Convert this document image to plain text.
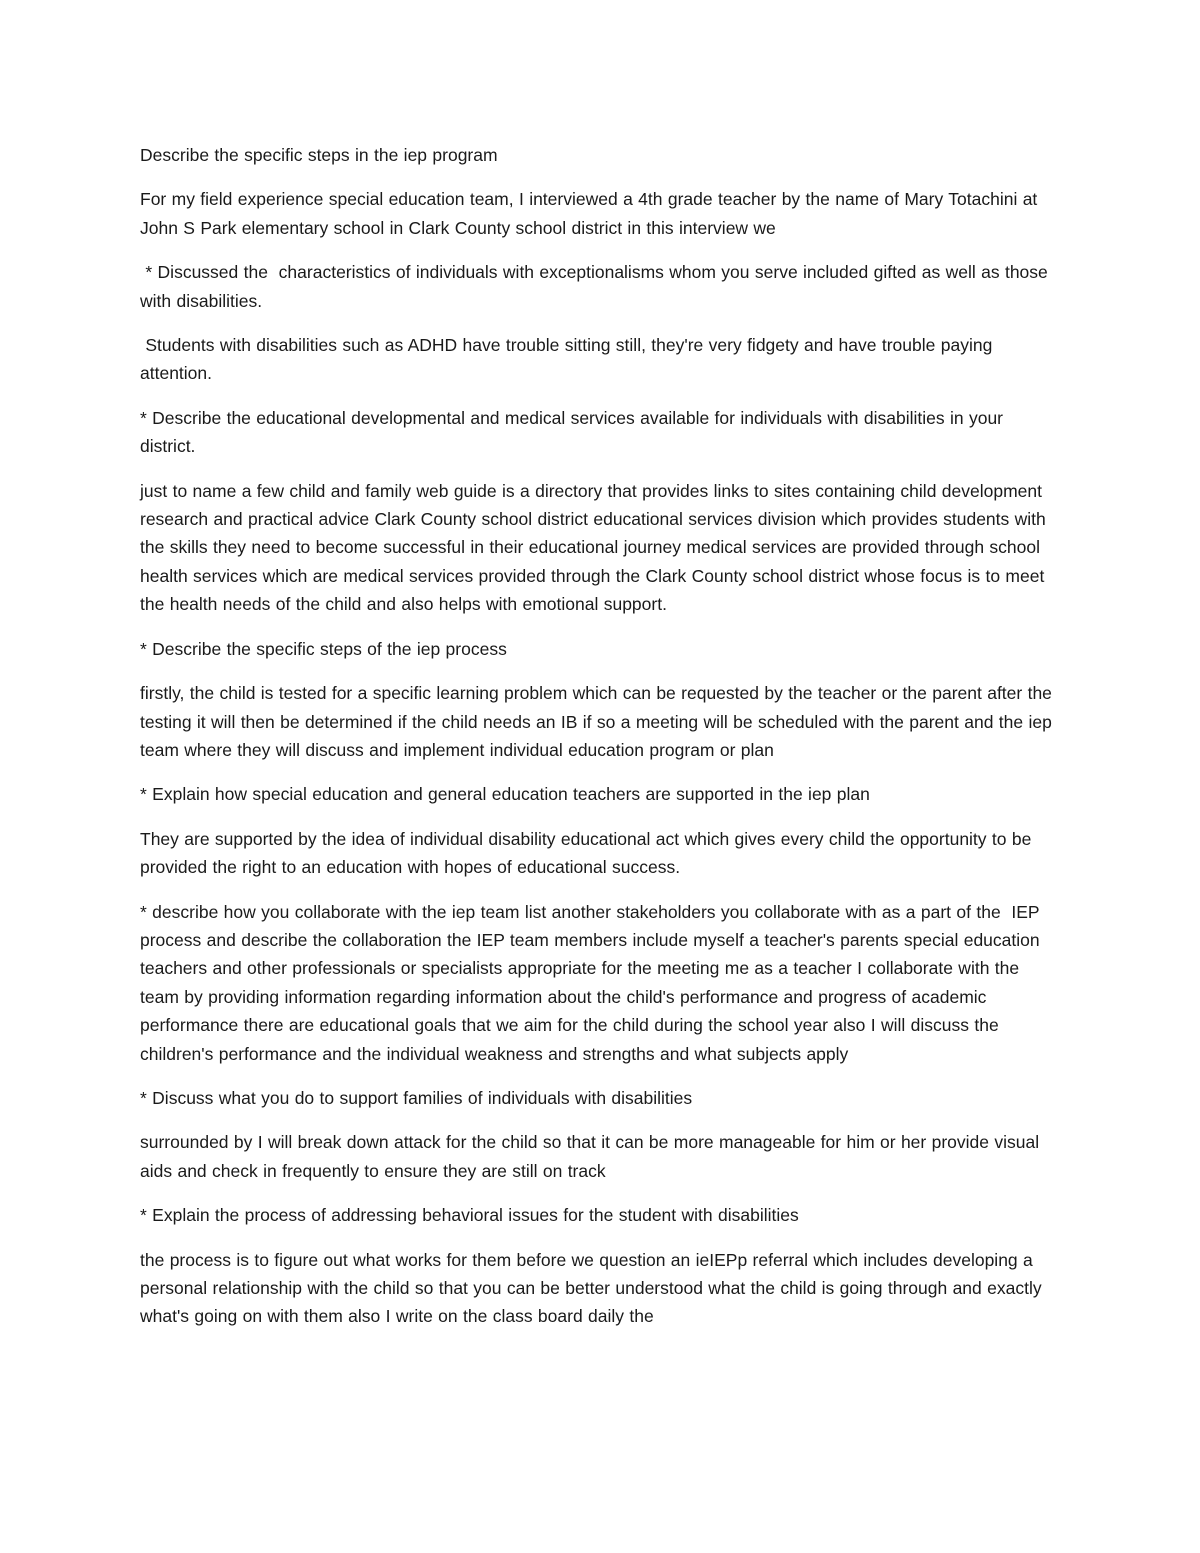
Describe the specific steps in the iep program

For my field experience special education team, I interviewed a 4th grade teacher by the name of Mary Totachini at John S Park elementary school in Clark County school district in this interview we

* Discussed the  characteristics of individuals with exceptionalisms whom you serve included gifted as well as those with disabilities.

Students with disabilities such as ADHD have trouble sitting still, they're very fidgety and have trouble paying attention.

* Describe the educational developmental and medical services available for individuals with disabilities in your district.

just to name a few child and family web guide is a directory that provides links to sites containing child development research and practical advice Clark County school district educational services division which provides students with the skills they need to become successful in their educational journey medical services are provided through school health services which are medical services provided through the Clark County school district whose focus is to meet the health needs of the child and also helps with emotional support.

* Describe the specific steps of the iep process

firstly, the child is tested for a specific learning problem which can be requested by the teacher or the parent after the testing it will then be determined if the child needs an IB if so a meeting will be scheduled with the parent and the iep team where they will discuss and implement individual education program or plan

* Explain how special education and general education teachers are supported in the iep plan

They are supported by the idea of individual disability educational act which gives every child the opportunity to be provided the right to an education with hopes of educational success.

* describe how you collaborate with the iep team list another stakeholders you collaborate with as a part of the  IEP process and describe the collaboration the IEP team members include myself a teacher's parents special education teachers and other professionals or specialists appropriate for the meeting me as a teacher I collaborate with the team by providing information regarding information about the child's performance and progress of academic performance there are educational goals that we aim for the child during the school year also I will discuss the children's performance and the individual weakness and strengths and what subjects apply

* Discuss what you do to support families of individuals with disabilities

surrounded by I will break down attack for the child so that it can be more manageable for him or her provide visual aids and check in frequently to ensure they are still on track

* Explain the process of addressing behavioral issues for the student with disabilities

the process is to figure out what works for them before we question an ieIEPp referral which includes developing a personal relationship with the child so that you can be better understood what the child is going through and exactly what's going on with them also I write on the class board daily the
